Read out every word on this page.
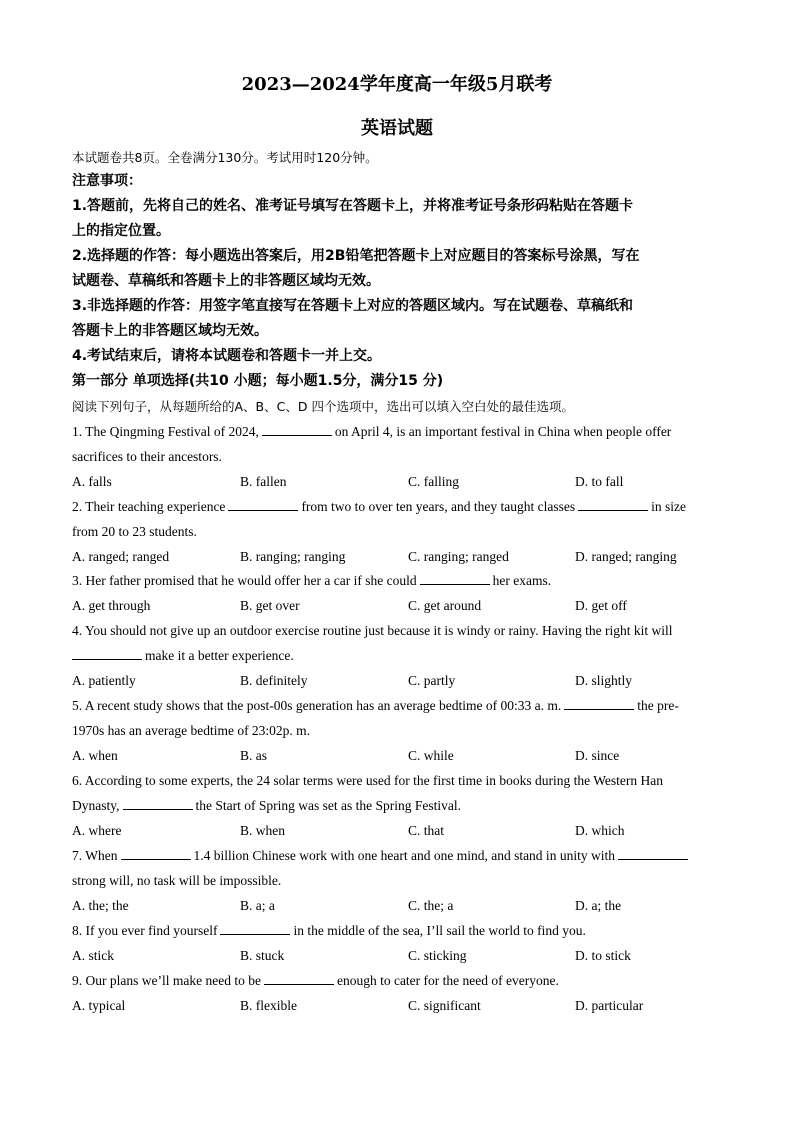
2023—2024学年度高一年级5月联考
英语试题
本试题卷共8页。全卷满分130分。考试用时120分钟。
注意事项：
1.答题前，先将自己的姓名、准考证号填写在答题卡上，并将准考证号条形码粘贴在答题卡
上的指定位置。
2.选择题的作答：每小题选出答案后，用2B铅笔把答题卡上对应题目的答案标号涂黑，写在
试题卷、草稿纸和答题卡上的非答题区域均无效。
3.非选择题的作答：用签字笔直接写在答题卡上对应的答题区域内。写在试题卷、草稿纸和
答题卡上的非答题区域均无效。
4.考试结束后，请将本试题卷和答题卡一并上交。
第一部分 单项选择(共10 小题；每小题1.5分，满分15 分)
阅读下列句子，从每题所给的A、B、C、D 四个选项中，选出可以填入空白处的最佳选项。
1. The Qingming Festival of 2024,	on April 4, is an important festival in China when people offer
sacrifices to their ancestors.
A. falls	B. fallen	C. falling	D. to fall
2. Their teaching experience	from two to over ten years, and they taught classes	in size
from 20 to 23 students.
A. ranged; ranged	B. ranging; ranging	C. ranging; ranged	D. ranged; ranging
3. Her father promised that he would offer her a car if she could	her exams.
A. get through	B. get over	C. get around	D. get off
4. You should not give up an outdoor exercise routine just because it is windy or rainy. Having the right kit will
make it a better experience.
A. patiently	B. definitely	C. partly	D. slightly
5. A recent study shows that the post-00s generation has an average bedtime of 00:33 a. m.	the pre-
1970s has an average bedtime of 23:02p. m.
A. when	B. as	C. while	D. since
6. According to some experts, the 24 solar terms were used for the first time in books during the Western Han
Dynasty,	the Start of Spring was set as the Spring Festival.
A. where	B. when	C. that	D. which
7. When	1.4 billion Chinese work with one heart and one mind, and stand in unity with
strong will, no task will be impossible.
A. the; the	B. a; a	C. the; a	D. a; the
8. If you ever find yourself	in the middle of the sea, I’ll sail the world to find you.
A. stick	B. stuck	C. sticking	D. to stick
9. Our plans we’ll make need to be	enough to cater for the need of everyone.
A. typical	B. flexible	C. significant	D. particular
